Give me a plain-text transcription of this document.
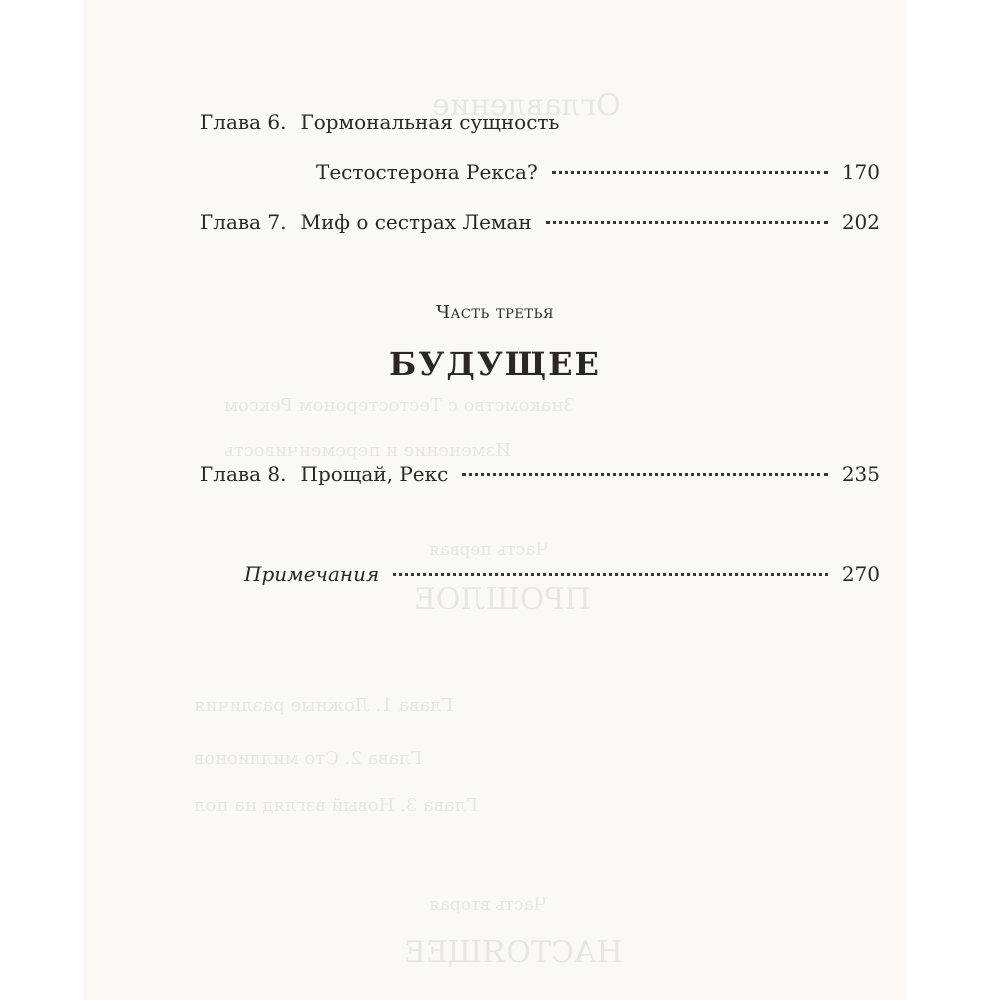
Оглавление
Знакомство с Тестостероном Рексом
Изменение и переменчивость
Часть первая
ПРОШЛОЕ
Глава 1. Ложные различия
Глава 2. Сто миллионов
Глава 3. Новый взгляд на пол
Часть вторая
НАСТОЯЩЕЕ
Глава 6. Гормональная сущность
Тестостерона Рекса?	170
Глава 7. Миф о сестрах Леман	202
Часть третья
БУДУЩЕЕ
Глава 8. Прощай, Рекс	235
Примечания	270
